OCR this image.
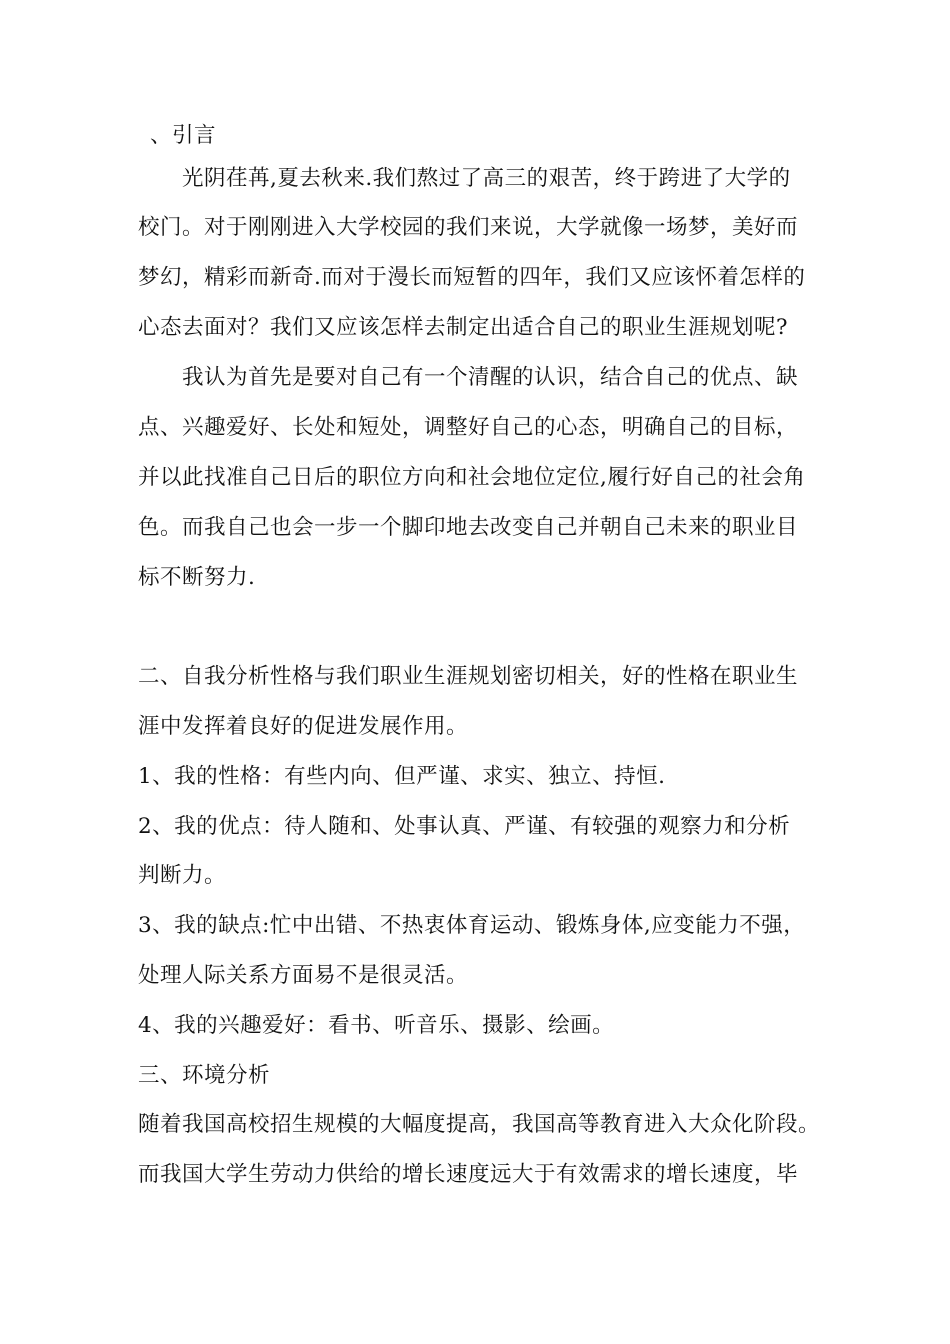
、引言

光阴荏苒,夏去秋来.我们熬过了高三的艰苦，终于跨进了大学的

校门。对于刚刚进入大学校园的我们来说，大学就像一场梦，美好而

梦幻，精彩而新奇.而对于漫长而短暂的四年，我们又应该怀着怎样的

心态去面对？我们又应该怎样去制定出适合自己的职业生涯规划呢?

我认为首先是要对自己有一个清醒的认识，结合自己的优点、缺

点、兴趣爱好、长处和短处，调整好自己的心态，明确自己的目标，

并以此找准自己日后的职位方向和社会地位定位,履行好自己的社会角

色。而我自己也会一步一个脚印地去改变自己并朝自己未来的职业目

标不断努力.

二、自我分析性格与我们职业生涯规划密切相关，好的性格在职业生

涯中发挥着良好的促进发展作用。

1、我的性格：有些内向、但严谨、求实、独立、持恒.

2、我的优点：待人随和、处事认真、严谨、有较强的观察力和分析

判断力。

3、我的缺点:忙中出错、不热衷体育运动、锻炼身体,应变能力不强，

处理人际关系方面易不是很灵活。

4、我的兴趣爱好：看书、听音乐、摄影、绘画。

三、环境分析

随着我国高校招生规模的大幅度提高，我国高等教育进入大众化阶段。

而我国大学生劳动力供给的增长速度远大于有效需求的增长速度，毕
